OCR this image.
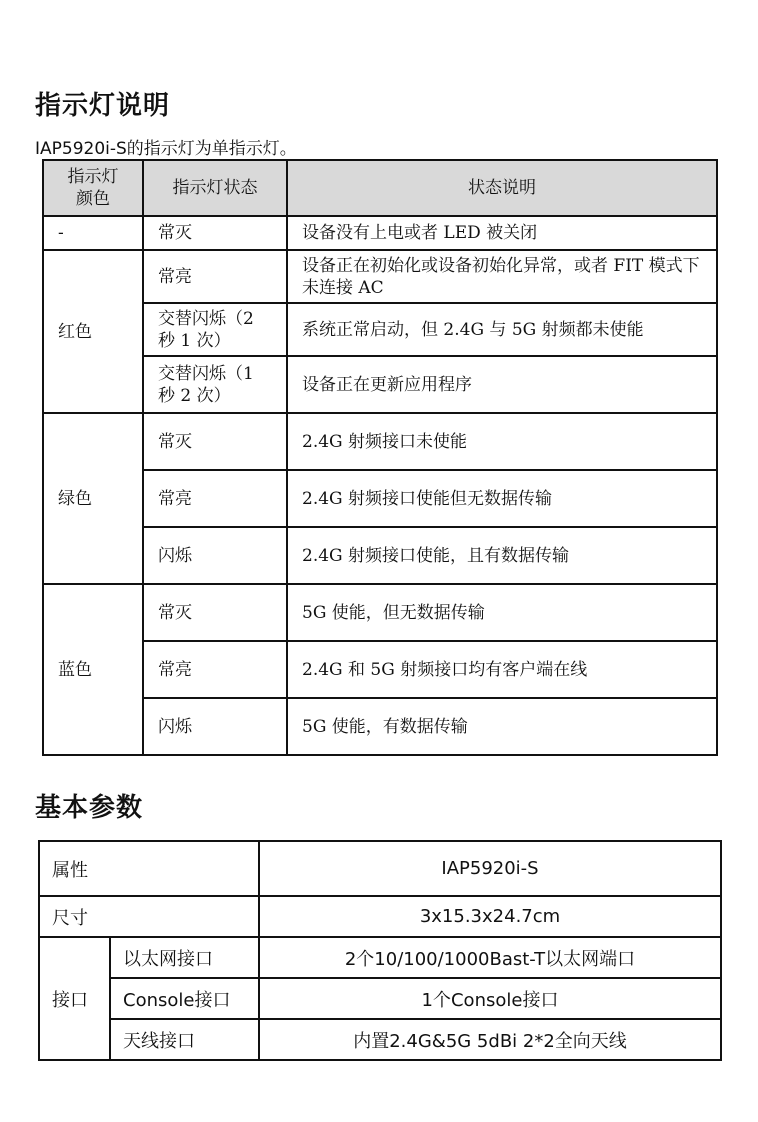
指示灯说明
IAP5920i-S的指示灯为单指示灯。
指示灯颜色	指示灯状态	状态说明
-	常灭	设备没有上电或者 LED 被关闭
红色	常亮	设备正在初始化或设备初始化异常，或者 FIT 模式下未连接 AC

	交替闪烁（2 秒 1 次）	系统正常启动，但 2.4G 与 5G 射频都未使能

	交替闪烁（1 秒 2 次）	设备正在更新应用程序
绿色	常灭	2.4G 射频接口未使能
	常亮	2.4G 射频接口使能但无数据传输
	闪烁	2.4G 射频接口使能，且有数据传输
蓝色	常灭	5G 使能，但无数据传输
	常亮	2.4G 和 5G 射频接口均有客户端在线
	闪烁	5G 使能，有数据传输
基本参数
属性		IAP5920i-S
尺寸		3x15.3x24.7cm
接口	以太网接口	2个10/100/1000Bast-T以太网端口
	Console接口	1个Console接口
	天线接口	内置2.4G&5G 5dBi 2*2全向天线
